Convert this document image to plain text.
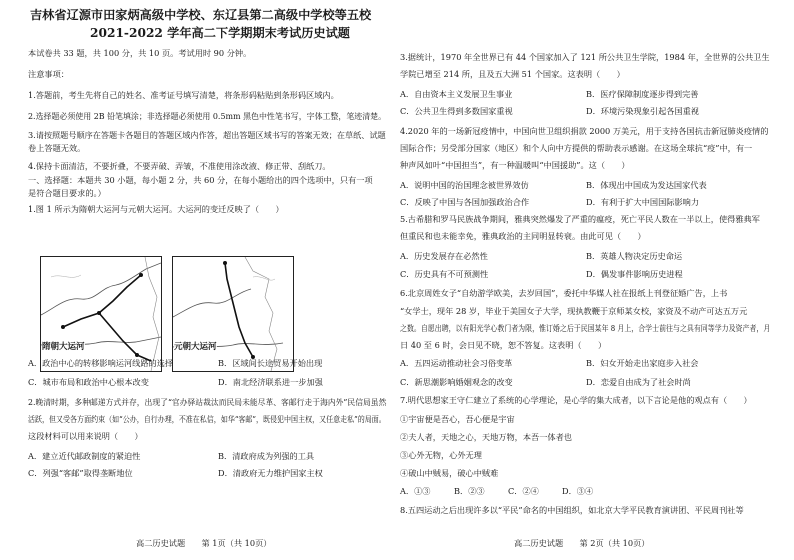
吉林省辽源市田家炳高级中学校、东辽县第二高级中学校等五校
2021-2022 学年高二下学期期末考试历史试题
本试卷共 33 题，共 100 分，共 10 页。考试用时 90 分钟。
注意事项：
1.答题前，考生先将自己的姓名、准考证号填写清楚，将条形码粘贴到条形码区域内。
2.选择题必须使用 2B 铅笔填涂；非选择题必须使用 0.5mm 黑色中性笔书写，字体工整，笔迹清楚。
3.请按照题号顺序在答题卡各题目的答题区域内作答，超出答题区域书写的答案无效；在草纸、试题
卷上答题无效。
4.保持卡面清洁，不要折叠，不要弄破、弄皱，不准使用涂改液、修正带、刮纸刀。
一、选择题：本题共 30 小题，每小题 2 分，共 60 分，在每小题给出的四个选项中，只有一项
是符合题目要求的。）
1.图 1 所示为隋朝大运河与元朝大运河。大运河的变迁反映了（　　）
隋朝大运河	元朝大运河
A．政治中心的转移影响运河线路的选择	B．区域间长途贸易开始出现
C．城市布局和政治中心根本改变	D．南北经济联系进一步加强
2.晚清时期，多种邮递方式并存，出现了“官办驿站裁汰而民局未能尽革、客邮行走于海内外”民信局虽然
活跃，但又受各方面约束（如“公办，自行办理，不准在私信，如华“客邮”，既侵犯中国主权，又任意走私”的局面。
这段材料可以用来说明（　　）
A．建立近代邮政制度的紧迫性	B．清政府成为列强的工具
C．列强“客邮”取得垄断地位	D．清政府无力维护国家主权
高二历史试题　　第 1页（共 10页）
3.据统计，1970 年全世界已有 44 个国家加入了 121 所公共卫生学院，1984 年，全世界的公共卫生
学院已增至 214 所，且及五大洲 51 个国家。这表明（　　）
A．自由资本主义发展卫生事业	B．医疗保障制度逐步得到完善
C．公共卫生得到多数国家重视	D．环境污染现象引起各国重视
4.2020 年的一场新冠疫情中，中国向世卫组织捐款 2000 万美元，用于支持各国抗击新冠肺炎疫情的
国际合作；另受部分国家（地区）和个人向中方提供的帮助表示感谢。在这场全球抗“疫”中，有一
种声风如叶“中国担当”，有一种温暖叫“中国援助”。这（　　）
A．说明中国的治国理念被世界效仿	B．体现出中国成为发达国家代表
C．反映了中国与各国加强政治合作	D．有利于扩大中国国际影响力
5.古希腊和罗马民族战争期间，雅典突然爆发了严重的瘟疫，死亡平民人数在一半以上，使得雅典军
但重民和也未能幸免，雅典政治的主同明显转衰。由此可见（　　）
A．历史发展存在必然性	B．英雄人物决定历史命运
C．历史具有不可预测性	D．偶发事件影响历史进程
6.北京周姓女子“自幼游学欧美，去岁回国”，委托中华媒人社在报纸上刊登征婚广告，上书
“女学士，现年 28 岁，毕业于美国女子大学，现执教鞭于京师某女校，家资及不动产可达五万元
之数。自愿出聘，以有阳光学心教门者为限，惟订婚之后于民国某年 8 月上，合学士前往与之具有同等学力及资产者，月
日 40 至 6 时，会日见不晓，恕不答复。这表明（　　）
A．五四运动推动社会习俗变革	B．妇女开始走出家庭步入社会
C．新思潮影响婚姻观念的改变	D．恋爱自由成为了社会时尚
7.明代思想家王守仁建立了系统的心学理论，是心学的集大成者，以下言论是他的观点有（　　）
①宇宙便是吾心，吾心便是宇宙
②夫人者，天地之心，天地万物，本吾一体者也
③心外无物，心外无理
④破山中贼易，破心中贼难
A．①③	B．②③	C．②④	D．③④
8.五四运动之后出现许多以“平民”命名的中国组织，如北京大学平民教育演讲团、平民周刊社等
高二历史试题　　第 2页（共 10页）
